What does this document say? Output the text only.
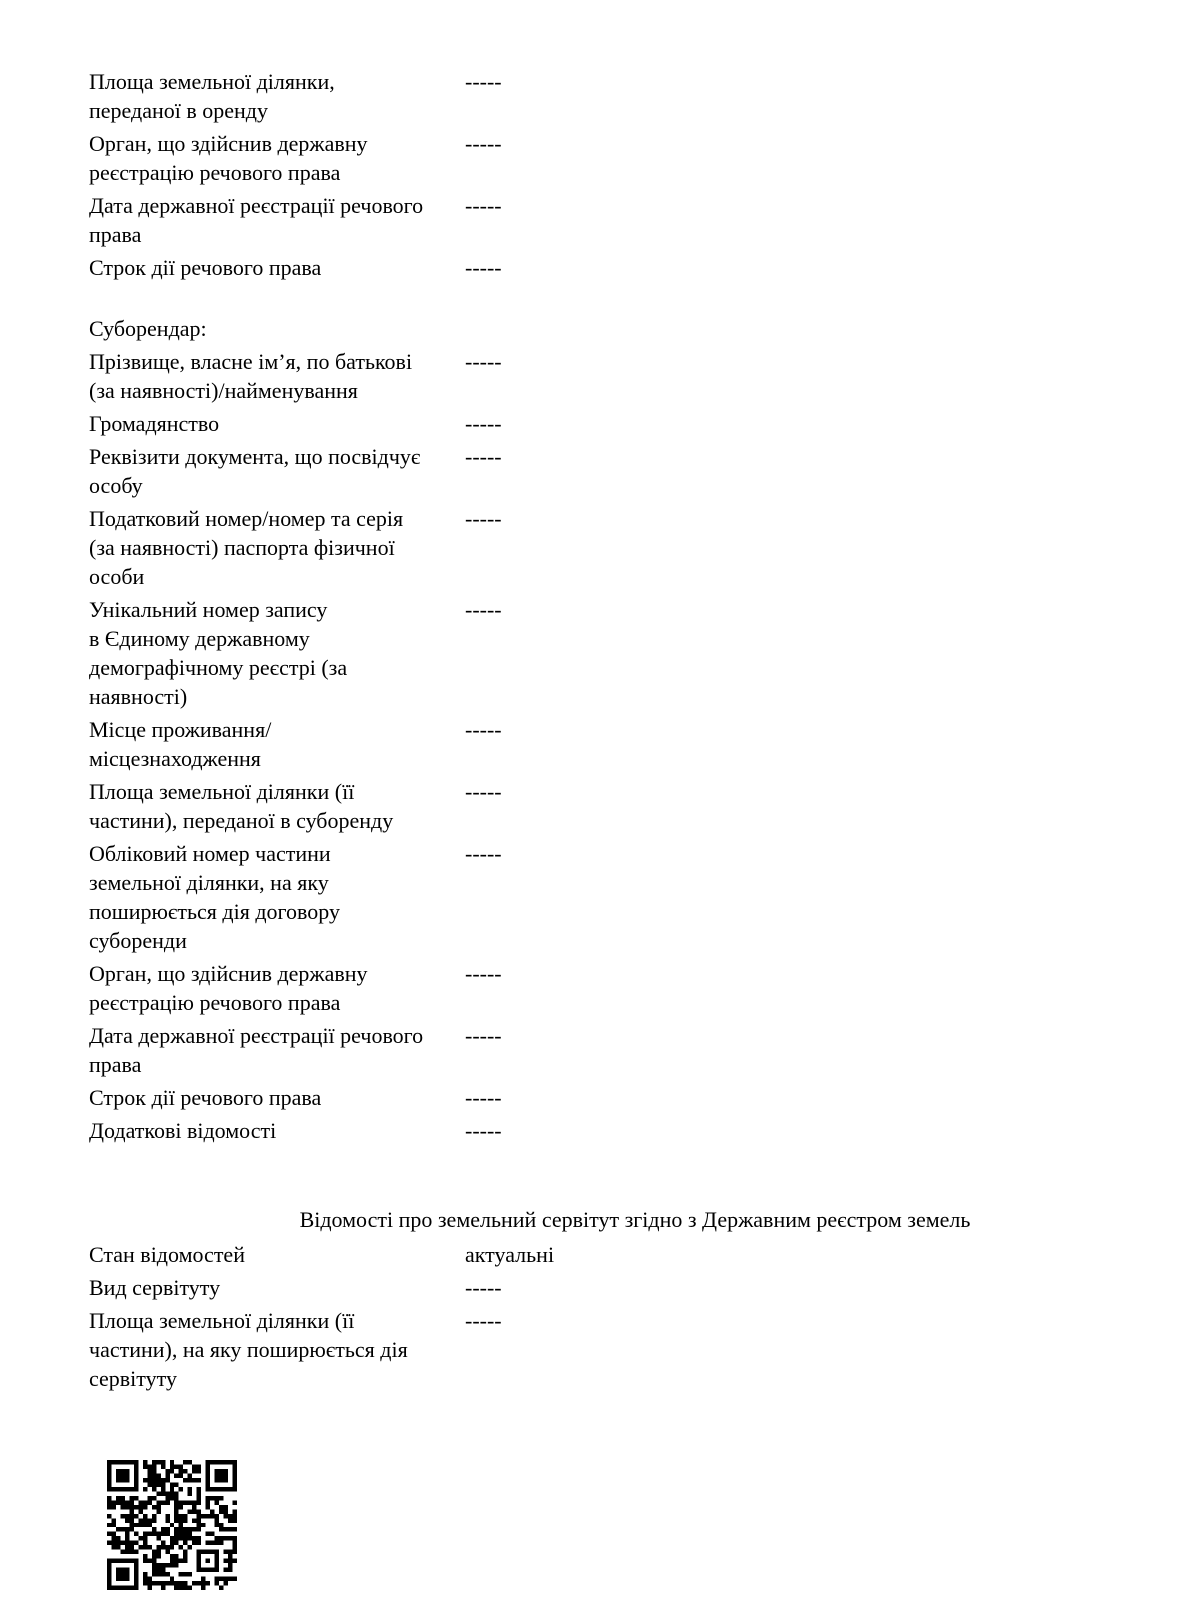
Площа земельної ділянки,
переданої в оренду
-----
Орган, що здійснив державну
реєстрацію речового права
-----
Дата державної реєстрації речового
права
-----
Строк дії речового права	-----
Суборендар:
Прізвище, власне ім’я, по батькові
(за наявності)/найменування
-----
Громадянство	-----
Реквізити документа, що посвідчує
особу
-----
Податковий номер/номер та серія
(за наявності) паспорта фізичної
особи
-----
Унікальний номер запису
в Єдиному державному
демографічному реєстрі (за
наявності)
-----
Місце проживання/
місцезнаходження
-----
Площа земельної ділянки (її
частини), переданої в суборенду
-----
Обліковий номер частини
земельної ділянки, на яку
поширюється дія договору
суборенди
-----
Орган, що здійснив державну
реєстрацію речового права
-----
Дата державної реєстрації речового
права
-----
Строк дії речового права	-----
Додаткові відомості	-----
Відомості про земельний сервітут згідно з Державним реєстром земель
Стан відомостей	актуальні
Вид сервітуту	-----
Площа земельної ділянки (її
частини), на яку поширюється дія
сервітуту
-----
